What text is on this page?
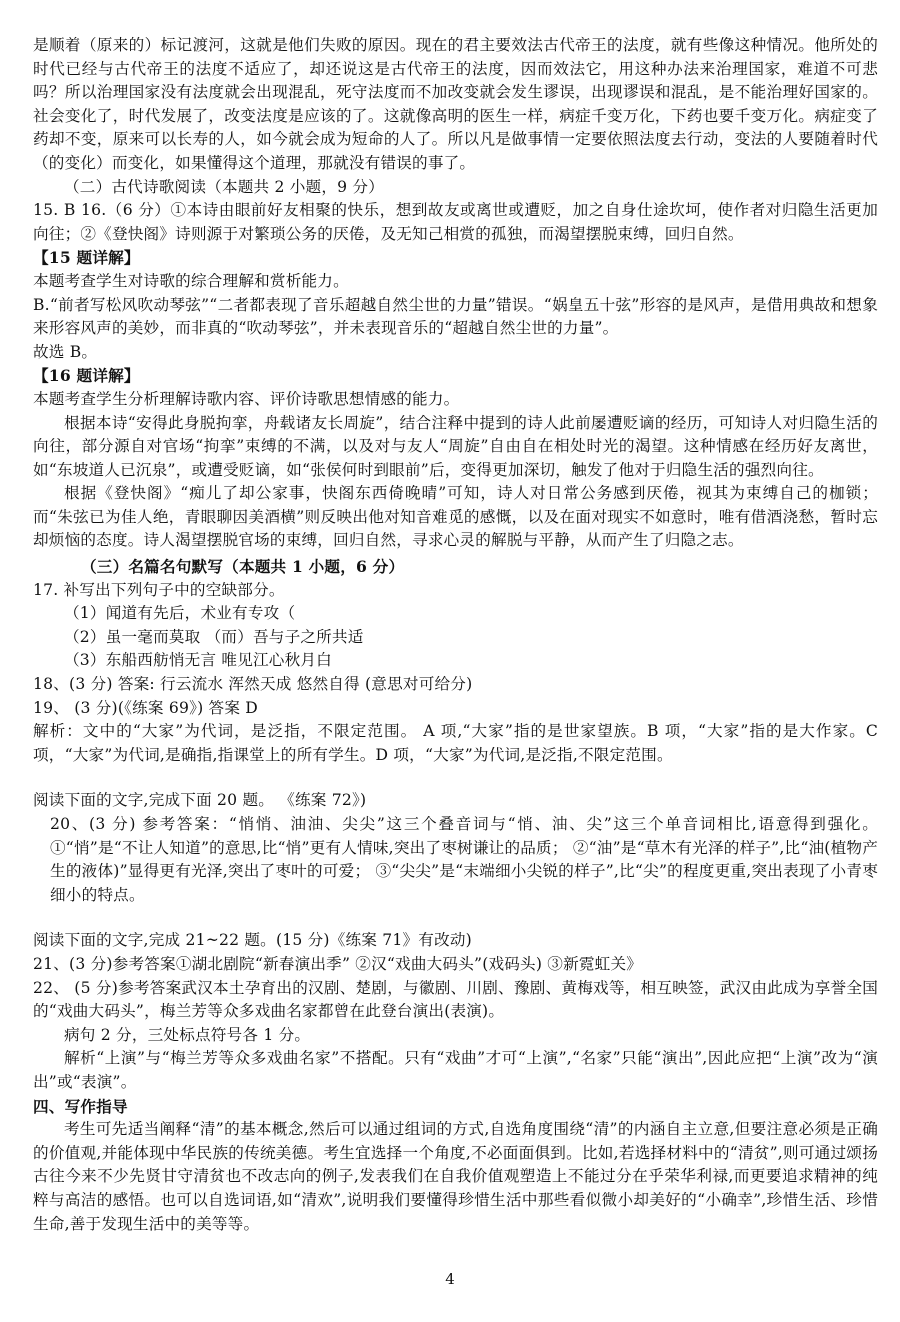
是顺着（原来的）标记渡河，这就是他们失败的原因。现在的君主要效法古代帝王的法度，就有些像这种情况。他所处的时代已经与古代帝王的法度不适应了，却还说这是古代帝王的法度，因而效法它，用这种办法来治理国家，难道不可悲吗？所以治理国家没有法度就会出现混乱，死守法度而不加改变就会发生谬误，出现谬误和混乱，是不能治理好国家的。社会变化了，时代发展了，改变法度是应该的了。这就像高明的医生一样，病症千变万化，下药也要千变万化。病症变了药却不变，原来可以长寿的人，如今就会成为短命的人了。所以凡是做事情一定要依照法度去行动，变法的人要随着时代（的变化）而变化，如果懂得这个道理，那就没有错误的事了。

（二）古代诗歌阅读（本题共 2 小题，9 分）

15. B 16.（6 分）①本诗由眼前好友相聚的快乐，想到故友或离世或遭贬，加之自身仕途坎坷，使作者对归隐生活更加向往；②《登快阁》诗则源于对繁琐公务的厌倦，及无知己相赏的孤独，而渴望摆脱束缚，回归自然。

【15 题详解】

本题考查学生对诗歌的综合理解和赏析能力。

B.“前者写松风吹动琴弦”“二者都表现了音乐超越自然尘世的力量”错误。“娲皇五十弦”形容的是风声，是借用典故和想象来形容风声的美妙，而非真的“吹动琴弦”，并未表现音乐的“超越自然尘世的力量”。

故选 B。

【16 题详解】

本题考查学生分析理解诗歌内容、评价诗歌思想情感的能力。

根据本诗“安得此身脱拘挛，舟载诸友长周旋”，结合注释中提到的诗人此前屡遭贬谪的经历，可知诗人对归隐生活的向往，部分源自对官场“拘挛”束缚的不满，以及对与友人“周旋”自由自在相处时光的渴望。这种情感在经历好友离世，如“东坡道人已沉泉”，或遭受贬谪，如“张侯何时到眼前”后，变得更加深切，触发了他对于归隐生活的强烈向往。

根据《登快阁》“痴儿了却公家事，快阁东西倚晚晴”可知，诗人对日常公务感到厌倦，视其为束缚自己的枷锁；而“朱弦已为佳人绝，青眼聊因美酒横”则反映出他对知音难觅的感慨，以及在面对现实不如意时，唯有借酒浇愁，暂时忘却烦恼的态度。诗人渴望摆脱官场的束缚，回归自然，寻求心灵的解脱与平静，从而产生了归隐之志。

（三）名篇名句默写（本题共 1 小题，6 分）

17. 补写出下列句子中的空缺部分。

（1）闻道有先后，术业有专攻（

（2）虽一毫而莫取 （而）吾与子之所共适

（3）东船西舫悄无言 唯见江心秋月白

18、(3 分) 答案: 行云流水 浑然天成 悠然自得 (意思对可给分)

19、 (3 分)(《练案 69》) 答案 D

解析：文中的“大家”为代词，是泛指，不限定范围。 A 项,“大家”指的是世家望族。B 项，“大家”指的是大作家。C 项，“大家”为代词,是确指,指课堂上的所有学生。D 项，“大家”为代词,是泛指,不限定范围。

阅读下面的文字,完成下面 20 题。 《练案 72》)

20、(3 分) 参考答案：“悄悄、油油、尖尖”这三个叠音词与“悄、油、尖”这三个单音词相比,语意得到强化。①“悄”是“不让人知道”的意思,比“悄”更有人情味,突出了枣树谦让的品质； ②“油”是“草木有光泽的样子”,比“油(植物产生的液体)”显得更有光泽,突出了枣叶的可爱； ③“尖尖”是“末端细小尖锐的样子”,比“尖”的程度更重,突出表现了小青枣细小的特点。

阅读下面的文字,完成 21~22 题。(15 分)《练案 71》有改动)

21、(3 分)参考答案①湖北剧院“新春演出季” ②汉“戏曲大码头”(戏码头) ③新霓虹关》

22、 (5 分)参考答案武汉本土孕育出的汉剧、楚剧，与徽剧、川剧、豫剧、黄梅戏等，相互映签，武汉由此成为享誉全国的“戏曲大码头”，梅兰芳等众多戏曲名家都曾在此登台演出(表演)。

病句 2 分，三处标点符号各 1 分。

解析“上演”与“梅兰芳等众多戏曲名家”不搭配。只有“戏曲”才可“上演”,“名家”只能“演出”,因此应把“上演”改为“演出”或“表演”。

四、写作指导

考生可先适当阐释“清”的基本概念,然后可以通过组词的方式,自选角度围绕“清”的内涵自主立意,但要注意必须是正确的价值观,并能体现中华民族的传统美德。考生宜选择一个角度,不必面面俱到。比如,若选择材料中的“清贫”,则可通过颂扬古往今来不少先贤甘守清贫也不改志向的例子,发表我们在自我价值观塑造上不能过分在乎荣华利禄,而更要追求精神的纯粹与高洁的感悟。也可以自选词语,如“清欢”,说明我们要懂得珍惜生活中那些看似微小却美好的“小确幸”,珍惜生活、珍惜生命,善于发现生活中的美等等。

4
